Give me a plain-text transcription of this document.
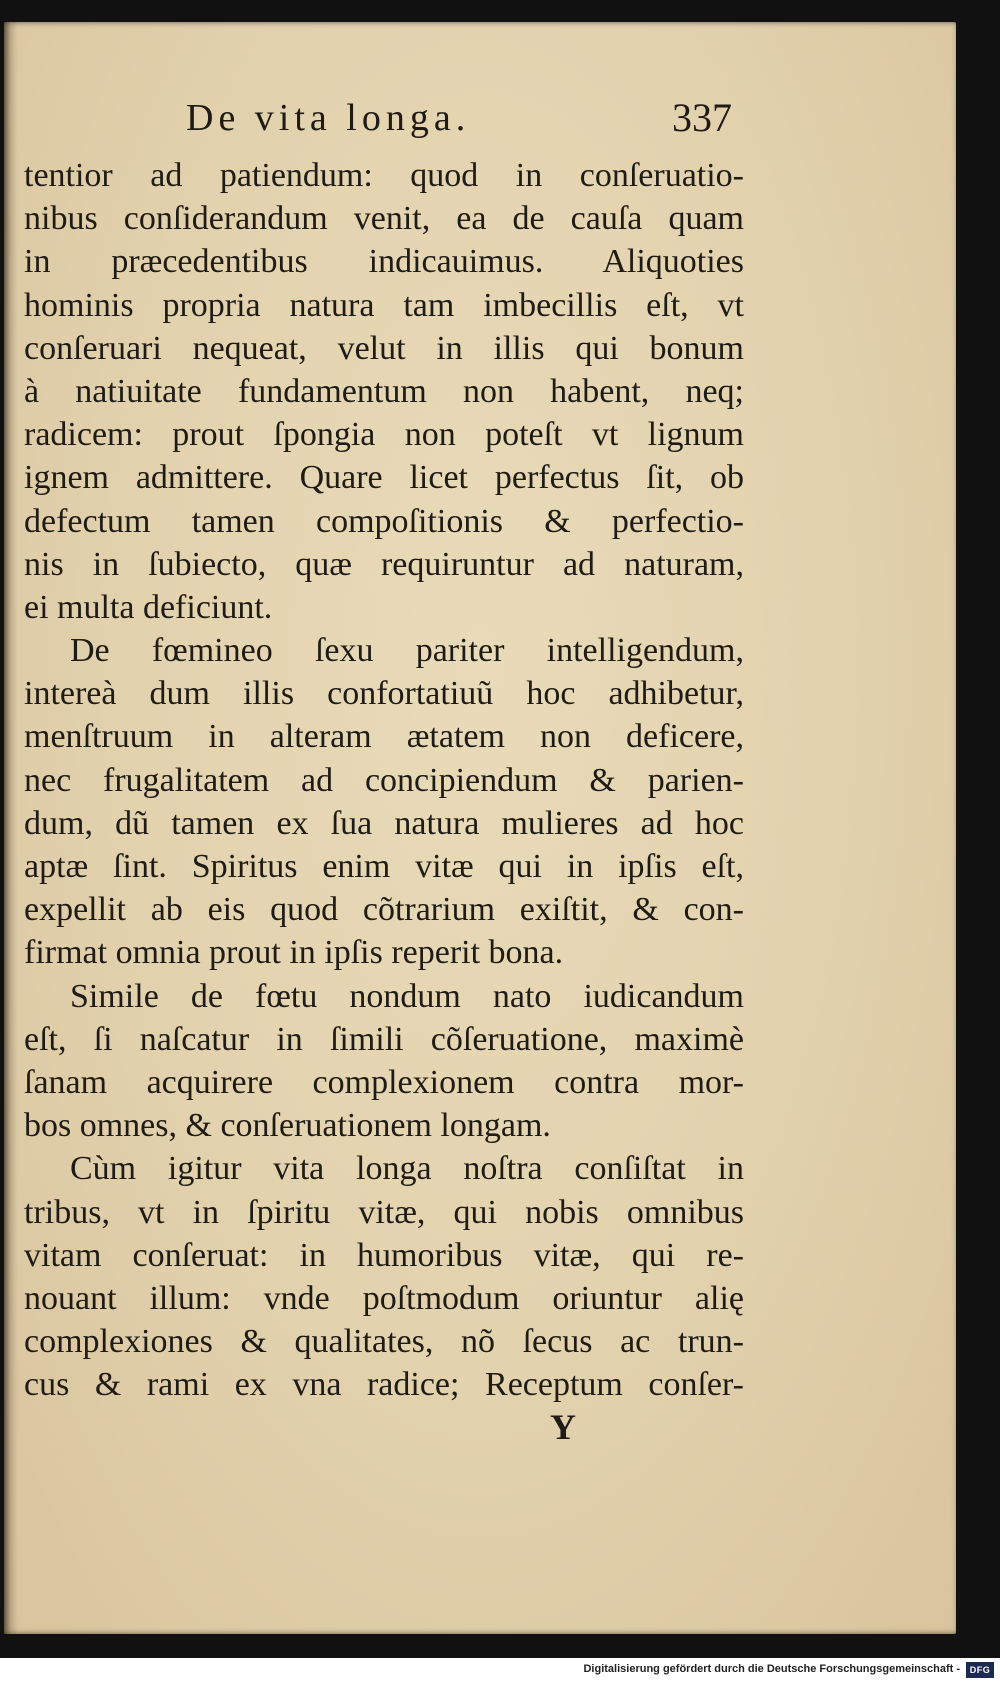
De vita longa.	337
tentior ad patiendum: quod in conſeruatio-
nibus conſiderandum venit, ea de cauſa quam
in præcedentibus indicauimus. Aliquoties
hominis propria natura tam imbecillis eſt, vt
conſeruari nequeat, velut in illis qui bonum
à natiuitate fundamentum non habent, neq;
radicem: prout ſpongia non poteſt vt lignum
ignem admittere. Quare licet perfectus ſit, ob
defectum tamen compoſitionis & perfectio-
nis in ſubiecto, quæ requiruntur ad naturam,
ei multa deficiunt.
De fœmineo ſexu pariter intelligendum,
intereà dum illis confortatiuũ hoc adhibetur,
menſtruum in alteram ætatem non deficere,
nec frugalitatem ad concipiendum & parien-
dum, dũ tamen ex ſua natura mulieres ad hoc
aptæ ſint. Spiritus enim vitæ qui in ipſis eſt,
expellit ab eis quod cõtrarium exiſtit, & con-
firmat omnia prout in ipſis reperit bona.
Simile de fœtu nondum nato iudicandum
eſt, ſi naſcatur in ſimili cõſeruatione, maximè
ſanam acquirere complexionem contra mor-
bos omnes, & conſeruationem longam.
Cùm igitur vita longa noſtra conſiſtat in
tribus, vt in ſpiritu vitæ, qui nobis omnibus
vitam conſeruat: in humoribus vitæ, qui re-
nouant illum: vnde poſtmodum oriuntur alię
complexiones & qualitates, nõ ſecus ac trun-
cus & rami ex vna radice; Receptum conſer-
Y
Digitalisierung gefördert durch die Deutsche Forschungsgemeinschaft -	DFG
